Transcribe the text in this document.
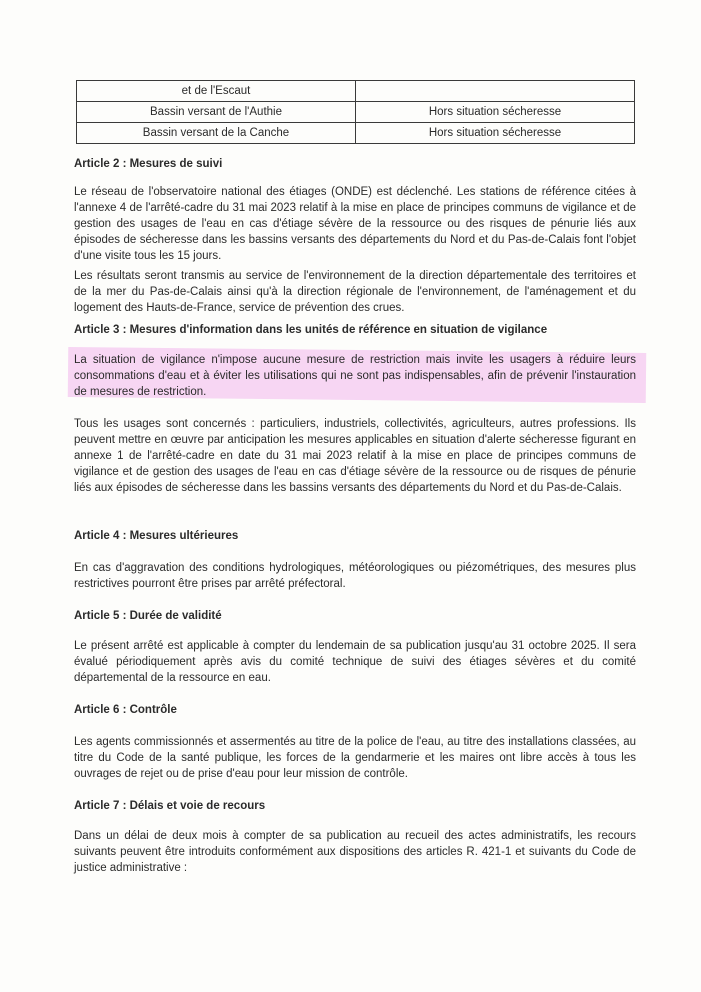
et de l'Escaut	
Bassin versant de l'Authie	Hors situation sécheresse
Bassin versant de la Canche	Hors situation sécheresse
Article 2 : Mesures de suivi
Le réseau de l'observatoire national des étiages (ONDE) est déclenché. Les stations de référence citées à l'annexe 4 de l'arrêté-cadre du 31 mai 2023 relatif à la mise en place de principes communs de vigilance et de gestion des usages de l'eau en cas d'étiage sévère de la ressource ou des risques de pénurie liés aux épisodes de sécheresse dans les bassins versants des départements du Nord et du Pas-de-Calais font l'objet d'une visite tous les 15 jours.
Les résultats seront transmis au service de l'environnement de la direction départementale des territoires et de la mer du Pas-de-Calais ainsi qu'à la direction régionale de l'environnement, de l'aménagement et du logement des Hauts-de-France, service de prévention des crues.
Article 3 : Mesures d'information dans les unités de référence en situation de vigilance
La situation de vigilance n'impose aucune mesure de restriction mais invite les usagers à réduire leurs consommations d'eau et à éviter les utilisations qui ne sont pas indispensables, afin de prévenir l'instauration de mesures de restriction.
Tous les usages sont concernés : particuliers, industriels, collectivités, agriculteurs, autres professions. Ils peuvent mettre en œuvre par anticipation les mesures applicables en situation d'alerte sécheresse figurant en annexe 1 de l'arrêté-cadre en date du 31 mai 2023 relatif à la mise en place de principes communs de vigilance et de gestion des usages de l'eau en cas d'étiage sévère de la ressource ou de risques de pénurie liés aux épisodes de sécheresse dans les bassins versants des départements du Nord et du Pas-de-Calais.
Article 4 : Mesures ultérieures
En cas d'aggravation des conditions hydrologiques, météorologiques ou piézométriques, des mesures plus restrictives pourront être prises par arrêté préfectoral.
Article 5 : Durée de validité
Le présent arrêté est applicable à compter du lendemain de sa publication jusqu'au 31 octobre 2025. Il sera évalué périodiquement après avis du comité technique de suivi des étiages sévères et du comité départemental de la ressource en eau.
Article 6 : Contrôle
Les agents commissionnés et assermentés au titre de la police de l'eau, au titre des installations classées, au titre du Code de la santé publique, les forces de la gendarmerie et les maires ont libre accès à tous les ouvrages de rejet ou de prise d'eau pour leur mission de contrôle.
Article 7 : Délais et voie de recours
Dans un délai de deux mois à compter de sa publication au recueil des actes administratifs, les recours suivants peuvent être introduits conformément aux dispositions des articles R. 421-1 et suivants du Code de justice administrative :
